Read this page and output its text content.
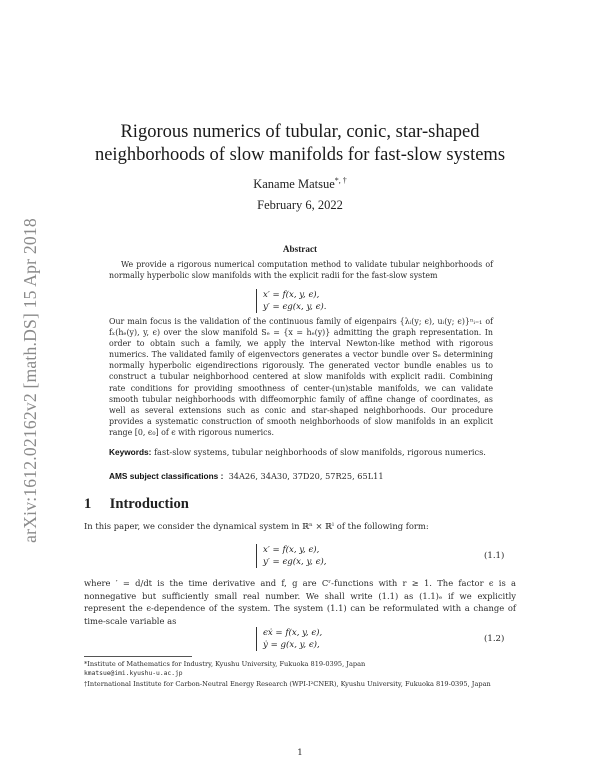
arXiv:1612.02162v2 [math.DS] 15 Apr 2018
Rigorous numerics of tubular, conic, star-shaped
neighborhoods of slow manifolds for fast-slow systems
Kaname Matsue*, †
February 6, 2022
Abstract
We provide a rigorous numerical computation method to validate tubular neighborhoods of normally hyperbolic slow manifolds with the explicit radii for the fast-slow system
x′ = f(x, y, ϵ),
y′ = ϵg(x, y, ϵ).
Our main focus is the validation of the continuous family of eigenpairs {λᵢ(y; ϵ), uᵢ(y; ϵ)}ⁿᵢ₌₁ of fₓ(hₑ(y), y, ϵ) over the slow manifold Sₑ = {x = hₑ(y)} admitting the graph representation. In order to obtain such a family, we apply the interval Newton-like method with rigorous numerics. The validated family of eigenvectors generates a vector bundle over Sₑ determining normally hyperbolic eigendirections rigorously. The generated vector bundle enables us to construct a tubular neighborhood centered at slow manifolds with explicit radii. Combining rate conditions for providing smoothness of center-(un)stable manifolds, we can validate smooth tubular neighborhoods with diffeomorphic family of affine change of coordinates, as well as several extensions such as conic and star-shaped neighborhoods. Our procedure provides a systematic construction of smooth neighborhoods of slow manifolds in an explicit range [0, ϵ₀] of ϵ with rigorous numerics.
Keywords: fast-slow systems, tubular neighborhoods of slow manifolds, rigorous numerics.
AMS subject classifications : 34A26, 34A30, 37D20, 57R25, 65L11
1 Introduction
In this paper, we consider the dynamical system in ℝⁿ × ℝˡ of the following form:
x′ = f(x, y, ϵ),
y′ = ϵg(x, y, ϵ),
(1.1)
where ′ = d/dt is the time derivative and f, g are Cʳ-functions with r ≥ 1. The factor ϵ is a nonnegative but sufficiently small real number. We shall write (1.1) as (1.1)ₑ if we explicitly represent the ϵ-dependence of the system. The system (1.1) can be reformulated with a change of time-scale variable as
ϵẋ = f(x, y, ϵ),
ẏ = g(x, y, ϵ),
(1.2)
*Institute of Mathematics for Industry, Kyushu University, Fukuoka 819-0395, Japan
kmatsue@imi.kyushu-u.ac.jp
†International Institute for Carbon-Neutral Energy Research (WPI-I²CNER), Kyushu University, Fukuoka 819-0395, Japan
1
